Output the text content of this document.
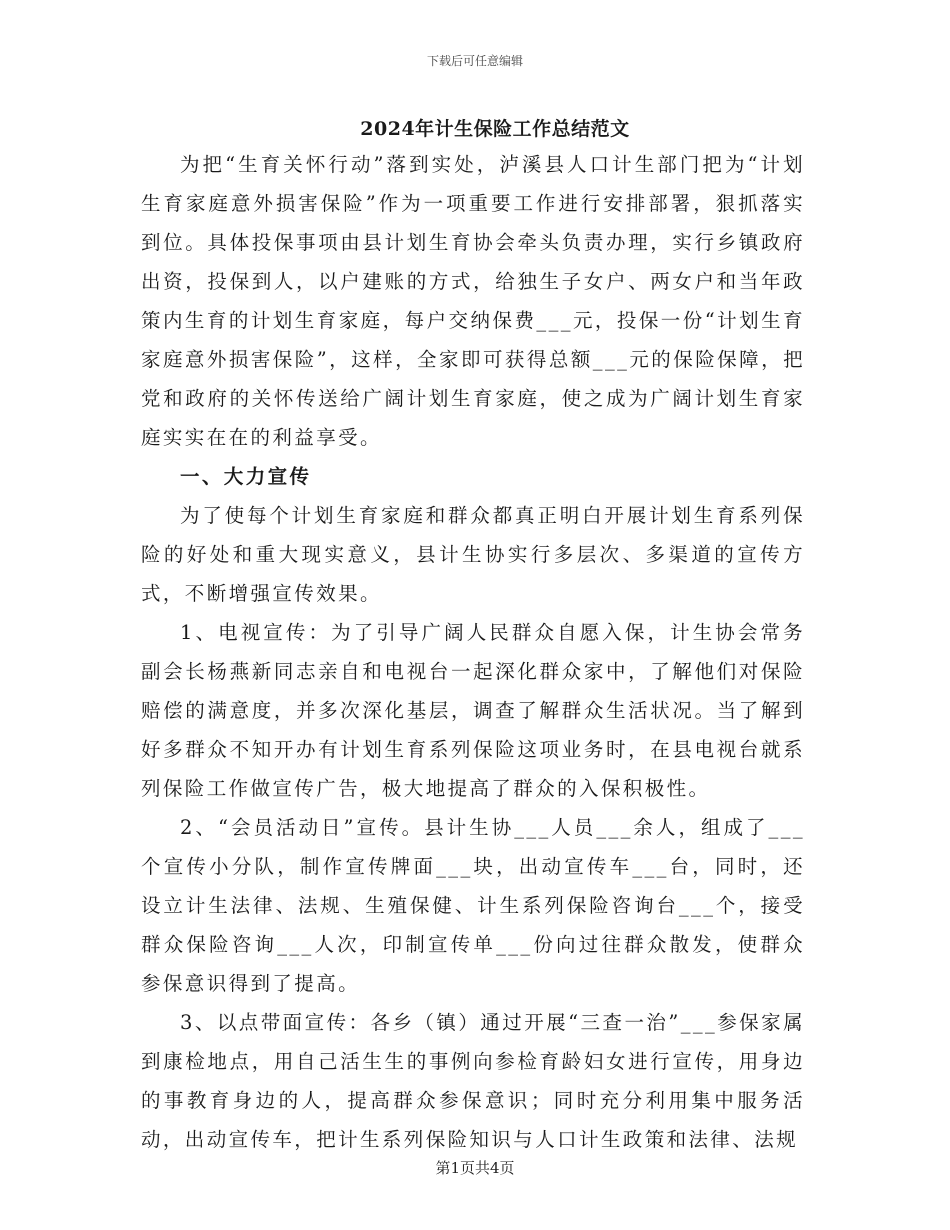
下载后可任意编辑
2024年计生保险工作总结范文

为把“生育关怀行动”落到实处，泸溪县人口计生部门把为“计划生育家庭意外损害保险”作为一项重要工作进行安排部署，狠抓落实到位。具体投保事项由县计划生育协会牵头负责办理，实行乡镇政府出资，投保到人，以户建账的方式，给独生子女户、两女户和当年政策内生育的计划生育家庭，每户交纳保费___元，投保一份“计划生育家庭意外损害保险”，这样，全家即可获得总额___元的保险保障，把党和政府的关怀传送给广阔计划生育家庭，使之成为广阔计划生育家庭实实在在的利益享受。

一、大力宣传

为了使每个计划生育家庭和群众都真正明白开展计划生育系列保险的好处和重大现实意义，县计生协实行多层次、多渠道的宣传方式，不断增强宣传效果。

1、电视宣传：为了引导广阔人民群众自愿入保，计生协会常务副会长杨燕新同志亲自和电视台一起深化群众家中，了解他们对保险赔偿的满意度，并多次深化基层，调查了解群众生活状况。当了解到好多群众不知开办有计划生育系列保险这项业务时，在县电视台就系列保险工作做宣传广告，极大地提高了群众的入保积极性。

2、“会员活动日”宣传。县计生协___人员___余人，组成了___个宣传小分队，制作宣传牌面___块，出动宣传车___台，同时，还设立计生法律、法规、生殖保健、计生系列保险咨询台___个，接受群众保险咨询___人次，印制宣传单___份向过往群众散发，使群众参保意识得到了提高。

3、以点带面宣传：各乡（镇）通过开展“三查一治”___参保家属到康检地点，用自己活生生的事例向参检育龄妇女进行宣传，用身边的事教育身边的人，提高群众参保意识；同时充分利用集中服务活动，出动宣传车，把计生系列保险知识与人口计生政策和法律、法规

第1页共4页
